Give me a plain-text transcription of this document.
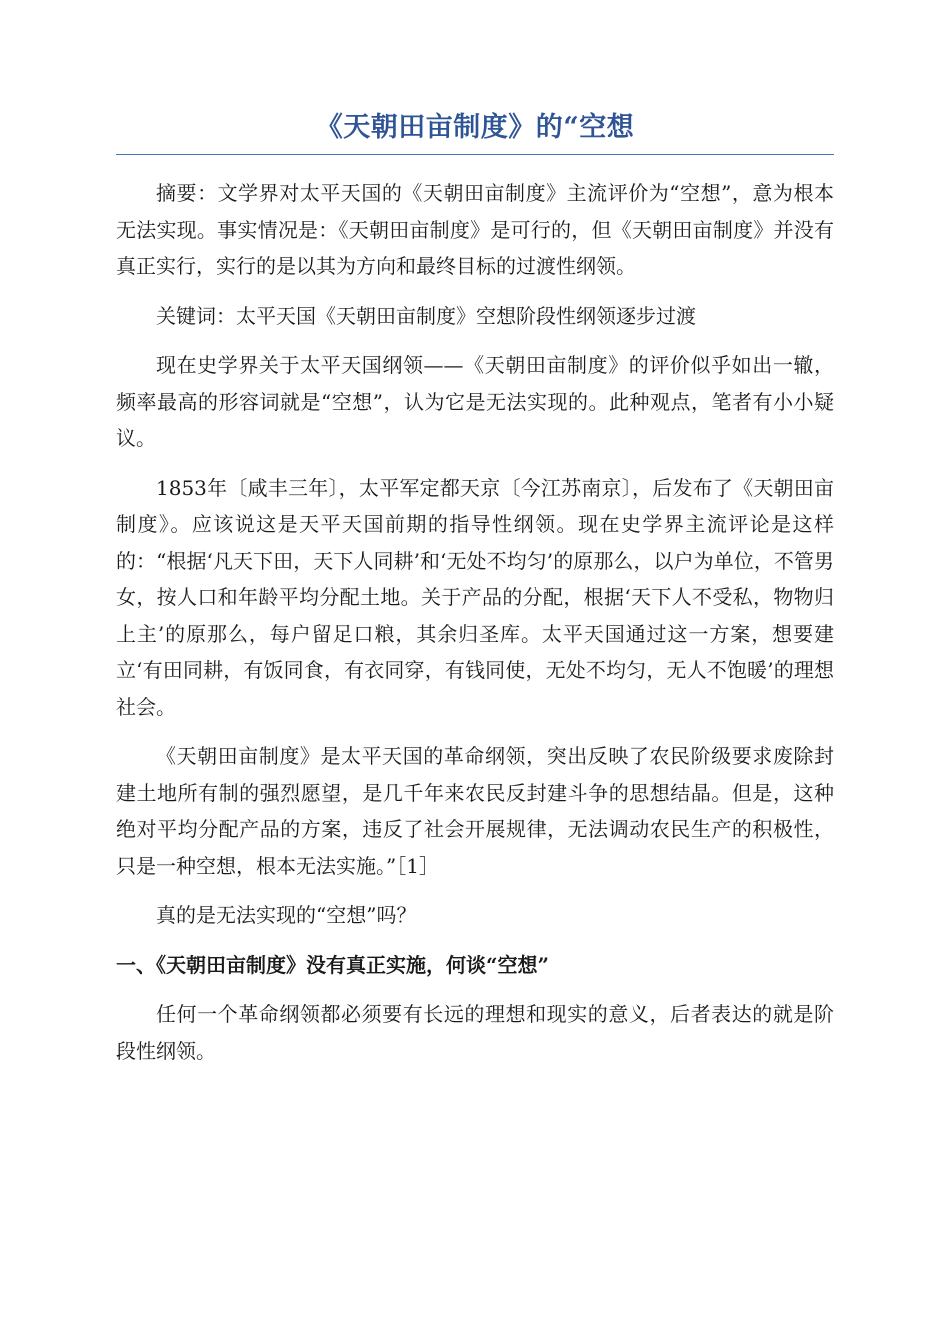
《天朝田亩制度》的“空想

摘要：文学界对太平天国的《天朝田亩制度》主流评价为“空想”，意为根本无法实现。事实情况是：《天朝田亩制度》是可行的，但《天朝田亩制度》并没有真正实行，实行的是以其为方向和最终目标的过渡性纲领。

关键词：太平天国《天朝田亩制度》空想阶段性纲领逐步过渡

现在史学界关于太平天国纲领——《天朝田亩制度》的评价似乎如出一辙，频率最高的形容词就是“空想”，认为它是无法实现的。此种观点，笔者有小小疑议。

1853年〔咸丰三年〕，太平军定都天京〔今江苏南京〕，后发布了《天朝田亩制度》。应该说这是天平天国前期的指导性纲领。现在史学界主流评论是这样的：“根据‘凡天下田，天下人同耕’和‘无处不均匀’的原那么，以户为单位，不管男女，按人口和年龄平均分配土地。关于产品的分配，根据‘天下人不受私，物物归上主’的原那么，每户留足口粮，其余归圣库。太平天国通过这一方案，想要建立‘有田同耕，有饭同食，有衣同穿，有钱同使，无处不均匀，无人不饱暖’的理想社会。

《天朝田亩制度》是太平天国的革命纲领，突出反映了农民阶级要求废除封建土地所有制的强烈愿望，是几千年来农民反封建斗争的思想结晶。但是，这种绝对平均分配产品的方案，违反了社会开展规律，无法调动农民生产的积极性，只是一种空想，根本无法实施。”［1］

真的是无法实现的“空想”吗？

一、《天朝田亩制度》没有真正实施，何谈“空想”

任何一个革命纲领都必须要有长远的理想和现实的意义，后者表达的就是阶段性纲领。
